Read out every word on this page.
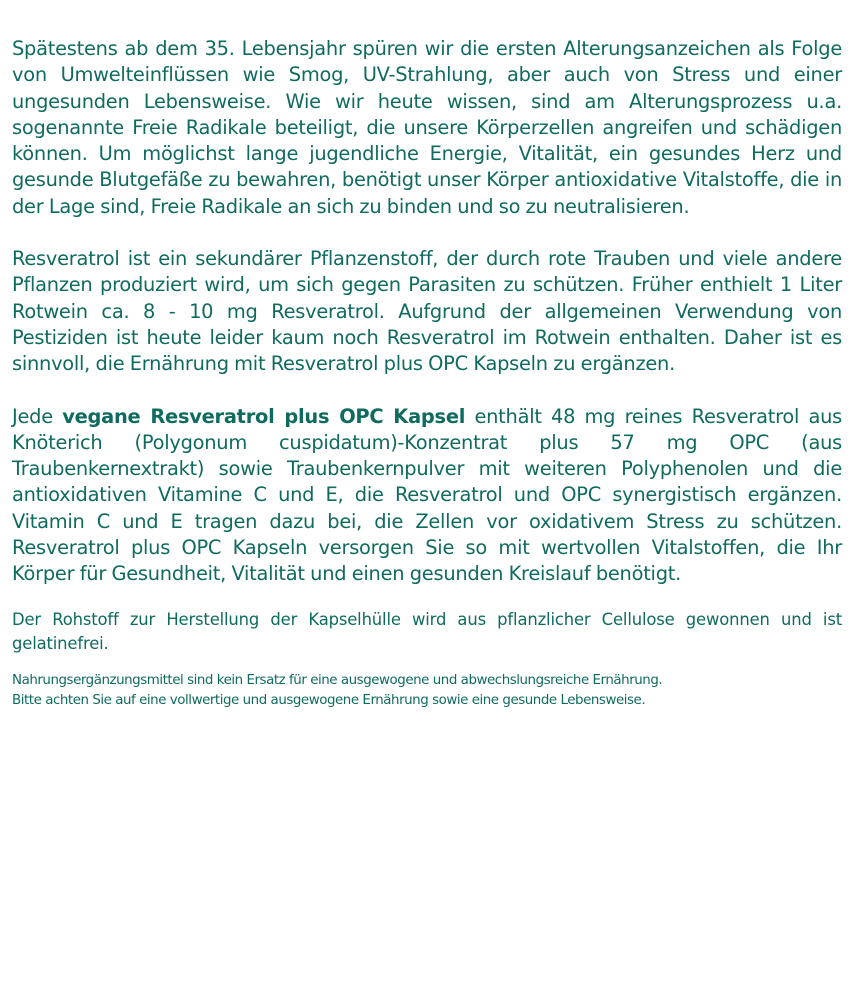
Spätestens ab dem 35. Lebensjahr spüren wir die ersten Alterungsanzeichen als Folge von Umwelteinflüssen wie Smog, UV-Strahlung, aber auch von Stress und einer ungesunden Lebensweise. Wie wir heute wissen, sind am Alterungsprozess u.a. sogenannte Freie Radikale beteiligt, die unsere Körperzellen angreifen und schädigen können. Um möglichst lange jugendliche Energie, Vitalität, ein gesundes Herz und gesunde Blutgefäße zu bewahren, benötigt unser Körper antioxidative Vitalstoffe, die in der Lage sind, Freie Radikale an sich zu binden und so zu neutralisieren.

Resveratrol ist ein sekundärer Pflanzenstoff, der durch rote Trauben und viele andere Pflanzen produziert wird, um sich gegen Parasiten zu schützen. Früher enthielt 1 Liter Rotwein ca. 8 - 10 mg Resveratrol. Aufgrund der allgemeinen Verwendung von Pestiziden ist heute leider kaum noch Resveratrol im Rotwein enthalten. Daher ist es sinnvoll, die Ernährung mit Resveratrol plus OPC Kapseln zu ergänzen.

Jede vegane Resveratrol plus OPC Kapsel enthält 48 mg reines Resveratrol aus Knöterich (Polygonum cuspidatum)-Konzentrat plus 57 mg OPC (aus Traubenkernextrakt) sowie Traubenkernpulver mit weiteren Polyphenolen und die antioxidativen Vitamine C und E, die Resveratrol und OPC synergistisch ergänzen. Vitamin C und E tragen dazu bei, die Zellen vor oxidativem Stress zu schützen. Resveratrol plus OPC Kapseln versorgen Sie so mit wertvollen Vitalstoffen, die Ihr Körper für Gesundheit, Vitalität und einen gesunden Kreislauf benötigt.

Der Rohstoff zur Herstellung der Kapselhülle wird aus pflanzlicher Cellulose gewonnen und ist gelatinefrei.

Nahrungsergänzungsmittel sind kein Ersatz für eine ausgewogene und abwechslungsreiche Ernährung.
Bitte achten Sie auf eine vollwertige und ausgewogene Ernährung sowie eine gesunde Lebensweise.
